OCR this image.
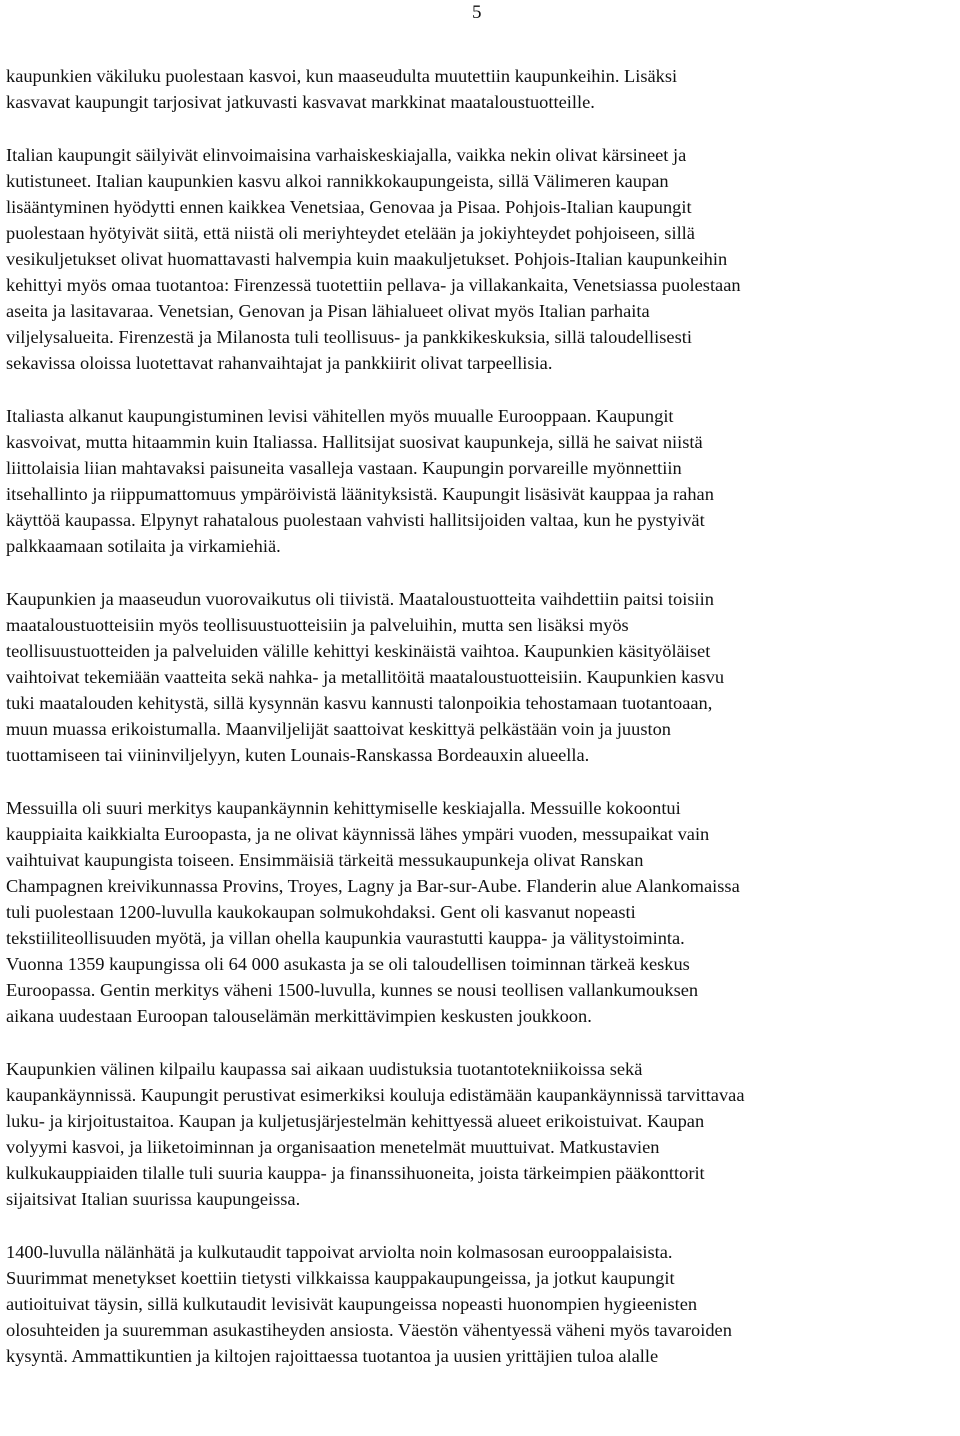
5

kaupunkien väkiluku puolestaan kasvoi, kun maaseudulta muutettiin kaupunkeihin. Lisäksi
kasvavat kaupungit tarjosivat jatkuvasti kasvavat markkinat maataloustuotteille.

Italian kaupungit säilyivät elinvoimaisina varhaiskeskiajalla, vaikka nekin olivat kärsineet ja
kutistuneet. Italian kaupunkien kasvu alkoi rannikkokaupungeista, sillä Välimeren kaupan
lisääntyminen hyödytti ennen kaikkea Venetsiaa, Genovaa ja Pisaa. Pohjois-Italian kaupungit
puolestaan hyötyivät siitä, että niistä oli meriyhteydet etelään ja jokiyhteydet pohjoiseen, sillä
vesikuljetukset olivat huomattavasti halvempia kuin maakuljetukset. Pohjois-Italian kaupunkeihin
kehittyi myös omaa tuotantoa: Firenzessä tuotettiin pellava- ja villakankaita, Venetsiassa puolestaan
aseita ja lasitavaraa. Venetsian, Genovan ja Pisan lähialueet olivat myös Italian parhaita
viljelysalueita. Firenzestä ja Milanosta tuli teollisuus- ja pankkikeskuksia, sillä taloudellisesti
sekavissa oloissa luotettavat rahanvaihtajat ja pankkiirit olivat tarpeellisia.

Italiasta alkanut kaupungistuminen levisi vähitellen myös muualle Eurooppaan. Kaupungit
kasvoivat, mutta hitaammin kuin Italiassa. Hallitsijat suosivat kaupunkeja, sillä he saivat niistä
liittolaisia liian mahtavaksi paisuneita vasalleja vastaan. Kaupungin porvareille myönnettiin
itsehallinto ja riippumattomuus ympäröivistä läänityksistä. Kaupungit lisäsivät kauppaa ja rahan
käyttöä kaupassa. Elpynyt rahatalous puolestaan vahvisti hallitsijoiden valtaa, kun he pystyivät
palkkaamaan sotilaita ja virkamiehiä.

Kaupunkien ja maaseudun vuorovaikutus oli tiivistä. Maataloustuotteita vaihdettiin paitsi toisiin
maataloustuotteisiin myös teollisuustuotteisiin ja palveluihin, mutta sen lisäksi myös
teollisuustuotteiden ja palveluiden välille kehittyi keskinäistä vaihtoa. Kaupunkien käsityöläiset
vaihtoivat tekemiään vaatteita sekä nahka- ja metallitöitä maataloustuotteisiin. Kaupunkien kasvu
tuki maatalouden kehitystä, sillä kysynnän kasvu kannusti talonpoikia tehostamaan tuotantoaan,
muun muassa erikoistumalla. Maanviljelijät saattoivat keskittyä pelkästään voin ja juuston
tuottamiseen tai viininviljelyyn, kuten Lounais-Ranskassa Bordeauxin alueella.

Messuilla oli suuri merkitys kaupankäynnin kehittymiselle keskiajalla. Messuille kokoontui
kauppiaita kaikkialta Euroopasta, ja ne olivat käynnissä lähes ympäri vuoden, messupaikat vain
vaihtuivat kaupungista toiseen. Ensimmäisiä tärkeitä messukaupunkeja olivat Ranskan
Champagnen kreivikunnassa Provins, Troyes, Lagny ja Bar-sur-Aube. Flanderin alue Alankomaissa
tuli puolestaan 1200-luvulla kaukokaupan solmukohdaksi. Gent oli kasvanut nopeasti
tekstiiliteollisuuden myötä, ja villan ohella kaupunkia vaurastutti kauppa- ja välitystoiminta.
Vuonna 1359 kaupungissa oli 64 000 asukasta ja se oli taloudellisen toiminnan tärkeä keskus
Euroopassa. Gentin merkitys väheni 1500-luvulla, kunnes se nousi teollisen vallankumouksen
aikana uudestaan Euroopan talouselämän merkittävimpien keskusten joukkoon.

Kaupunkien välinen kilpailu kaupassa sai aikaan uudistuksia tuotantotekniikoissa sekä
kaupankäynnissä. Kaupungit perustivat esimerkiksi kouluja edistämään kaupankäynnissä tarvittavaa
luku- ja kirjoitustaitoa. Kaupan ja kuljetusjärjestelmän kehittyessä alueet erikoistuivat. Kaupan
volyymi kasvoi, ja liiketoiminnan ja organisaation menetelmät muuttuivat. Matkustavien
kulkukauppiaiden tilalle tuli suuria kauppa- ja finanssihuoneita, joista tärkeimpien pääkonttorit
sijaitsivat Italian suurissa kaupungeissa.

1400-luvulla nälänhätä ja kulkutaudit tappoivat arviolta noin kolmasosan eurooppalaisista.
Suurimmat menetykset koettiin tietysti vilkkaissa kauppakaupungeissa, ja jotkut kaupungit
autioituivat täysin, sillä kulkutaudit levisivät kaupungeissa nopeasti huonompien hygieenisten
olosuhteiden ja suuremman asukastiheyden ansiosta. Väestön vähentyessä väheni myös tavaroiden
kysyntä. Ammattikuntien ja kiltojen rajoittaessa tuotantoa ja uusien yrittäjien tuloa alalle
